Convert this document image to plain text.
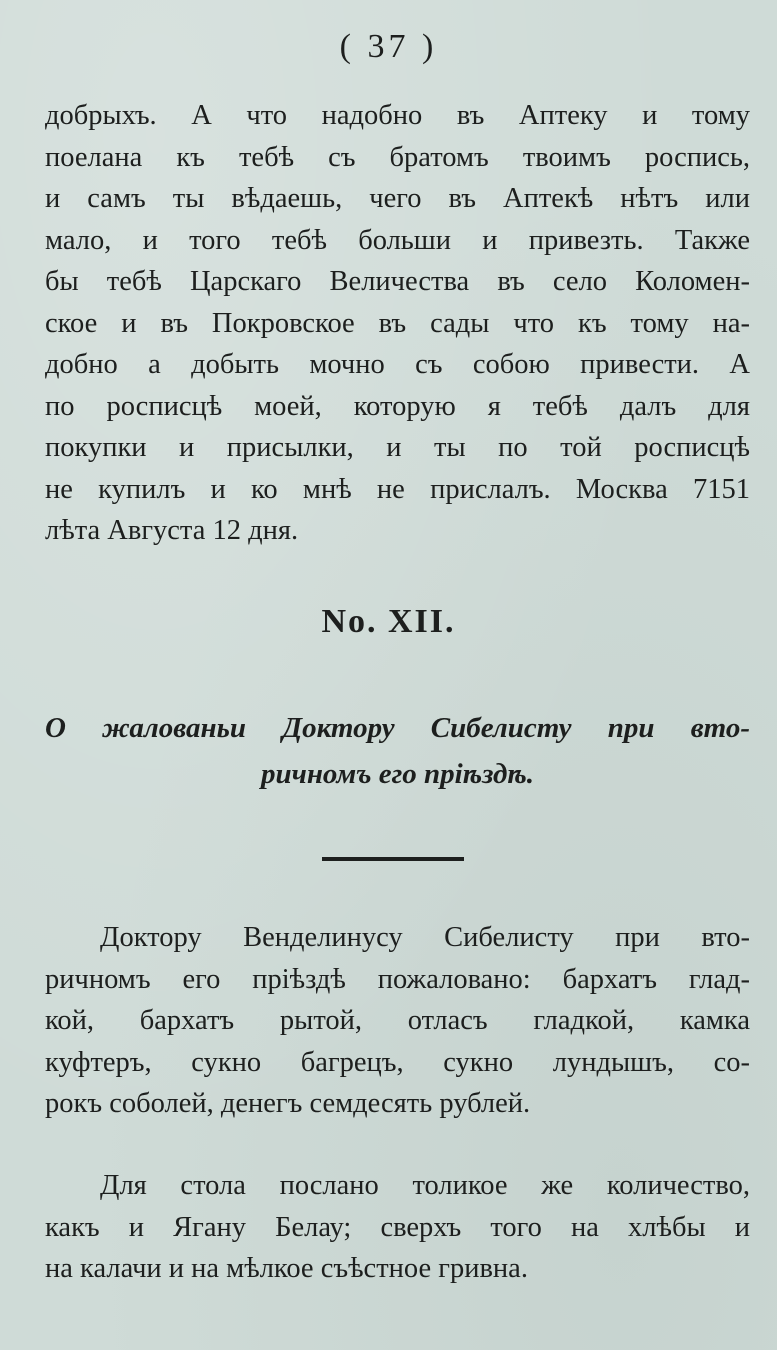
( 37 )
добрыхъ. А что надобно въ Аптеку и тому
поелана къ тебѣ съ братомъ твоимъ роспись,
и самъ ты вѣдаешь, чего въ Аптекѣ нѣтъ или
мало, и того тебѣ больши и привезть. Также
бы тебѣ Царскаго Величества въ село Коломен-
ское и въ Покровское въ сады что къ тому на-
добно а добыть мочно съ собою привести. А
по росписцѣ моей, которую я тебѣ далъ для
покупки и присылки, и ты по той росписцѣ
не купилъ и ко мнѣ не прислалъ. Москва 7151
лѣта Августа 12 дня.
No. XII.
О жалованьи Доктору Сибелисту при вто-
ричномъ его пріѣздѣ.
Доктору Венделинусу Сибелисту при вто-
ричномъ его пріѣздѣ пожаловано: бархатъ глад-
кой, бархатъ рытой, отласъ гладкой, камка
куфтеръ, сукно багрецъ, сукно лундышъ, со-
рокъ соболей, денегъ семдесять рублей.
Для стола послано толикое же количество,
какъ и Ягану Белау; сверхъ того на хлѣбы и
на калачи и на мѣлкое съѣстное гривна.
